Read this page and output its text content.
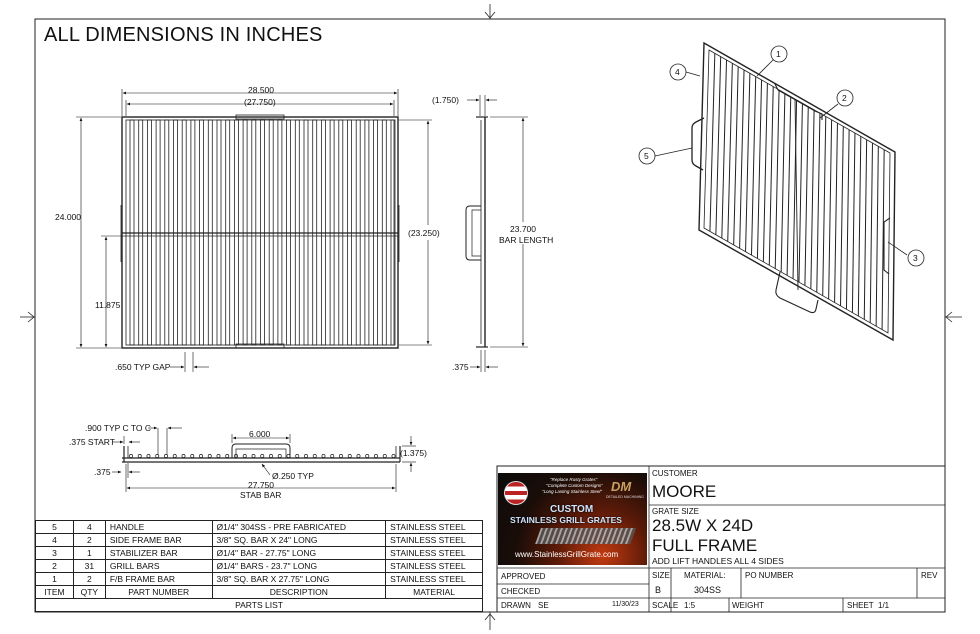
ALL DIMENSIONS IN INCHES
28.500
(27.750)
24.000
11.875
.650 TYP GAP
(1.750)
(23.250)	23.700
BAR LENGTH
.375
.900 TYP C TO C
.375 START
.375
6.000
Ø.250 TYP
(1.375)
27.750
STAB BAR
1
2
3
4
5
5	4	HANDLE	Ø1/4" 304SS - PRE FABRICATED	STAINLESS STEEL
4	2	SIDE FRAME BAR	3/8" SQ. BAR X 24" LONG	STAINLESS STEEL
3	1	STABILIZER BAR	Ø1/4" BAR - 27.75" LONG	STAINLESS STEEL
2	31	GRILL BARS	Ø1/4" BARS - 23.7" LONG	STAINLESS STEEL
1	2	F/B FRAME BAR	3/8" SQ. BAR X 27.75" LONG	STAINLESS STEEL
ITEM	QTY	PART NUMBER	DESCRIPTION	MATERIAL
PARTS LIST				
"Replace Rusty Grates"
"Complete Custom Designs"
"Long Lasting Stainless Steel" DM
DETAILED MACHINING
CUSTOM
STAINLESS GRILL GRATES
www.StainlessGrillGrate.com
CUSTOMER
MOORE
GRATE SIZE
28.5W X 24D
FULL FRAME
ADD LIFT HANDLES ALL 4 SIDES
APPROVED
CHECKED
SIZE
B
MATERIAL:
304SS
PO NUMBER	REV
DRAWN SE	11/30/23 SCALE 1:5	WEIGHT	SHEET 1/1
